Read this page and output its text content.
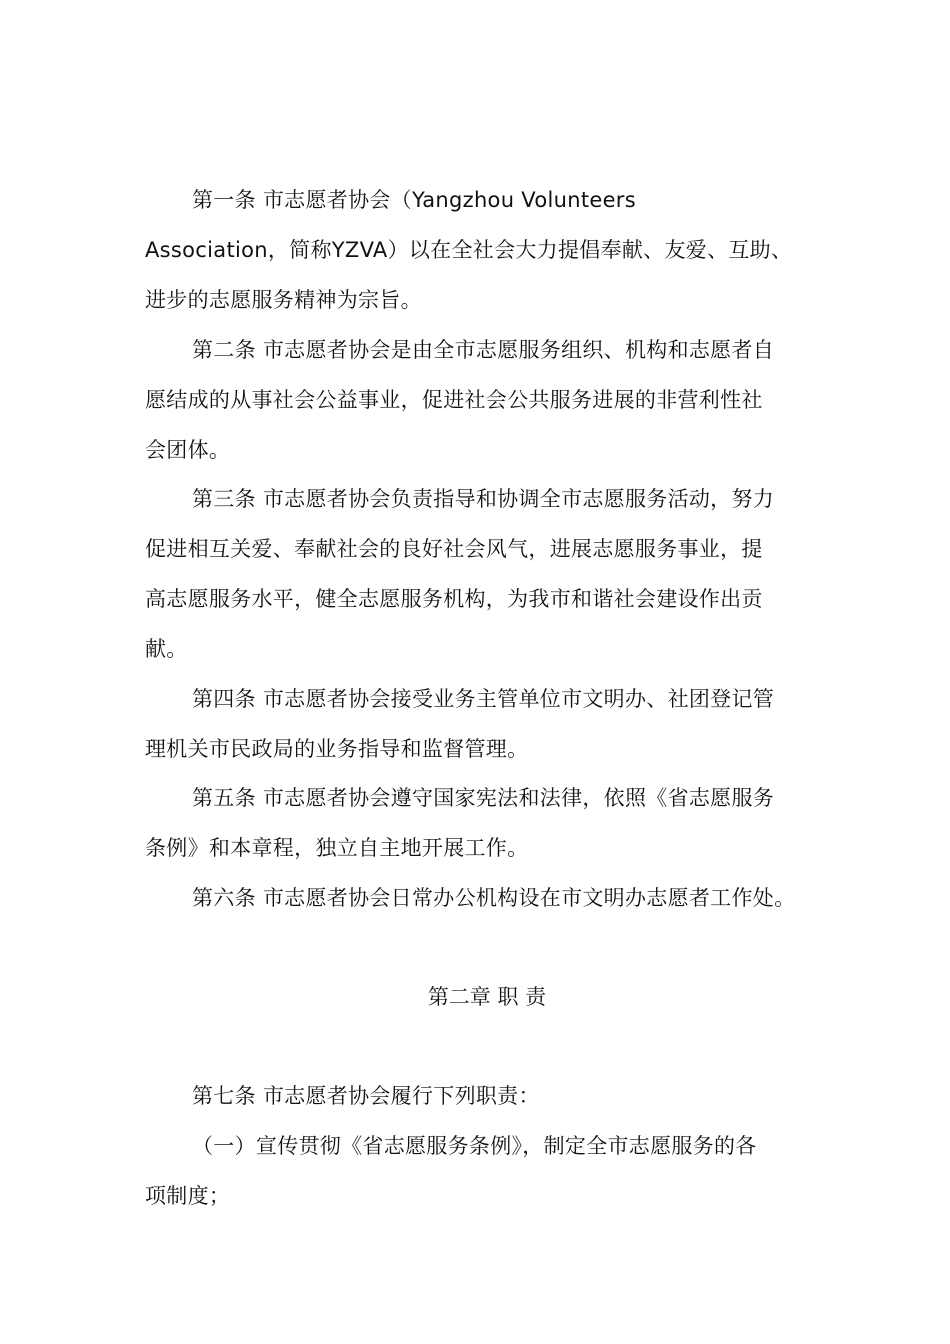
第一条 市志愿者协会（Yangzhou Volunteers
Association，简称YZVA）以在全社会大力提倡奉献、友爱、互助、
进步的志愿服务精神为宗旨。
第二条 市志愿者协会是由全市志愿服务组织、机构和志愿者自
愿结成的从事社会公益事业，促进社会公共服务进展的非营利性社
会团体。
第三条 市志愿者协会负责指导和协调全市志愿服务活动，努力
促进相互关爱、奉献社会的良好社会风气，进展志愿服务事业，提
高志愿服务水平，健全志愿服务机构，为我市和谐社会建设作出贡
献。
第四条 市志愿者协会接受业务主管单位市文明办、社团登记管
理机关市民政局的业务指导和监督管理。
第五条 市志愿者协会遵守国家宪法和法律，依照《省志愿服务
条例》和本章程，独立自主地开展工作。
第六条 市志愿者协会日常办公机构设在市文明办志愿者工作处。
第二章 职 责
第七条 市志愿者协会履行下列职责：
（一）宣传贯彻《省志愿服务条例》，制定全市志愿服务的各
项制度；
